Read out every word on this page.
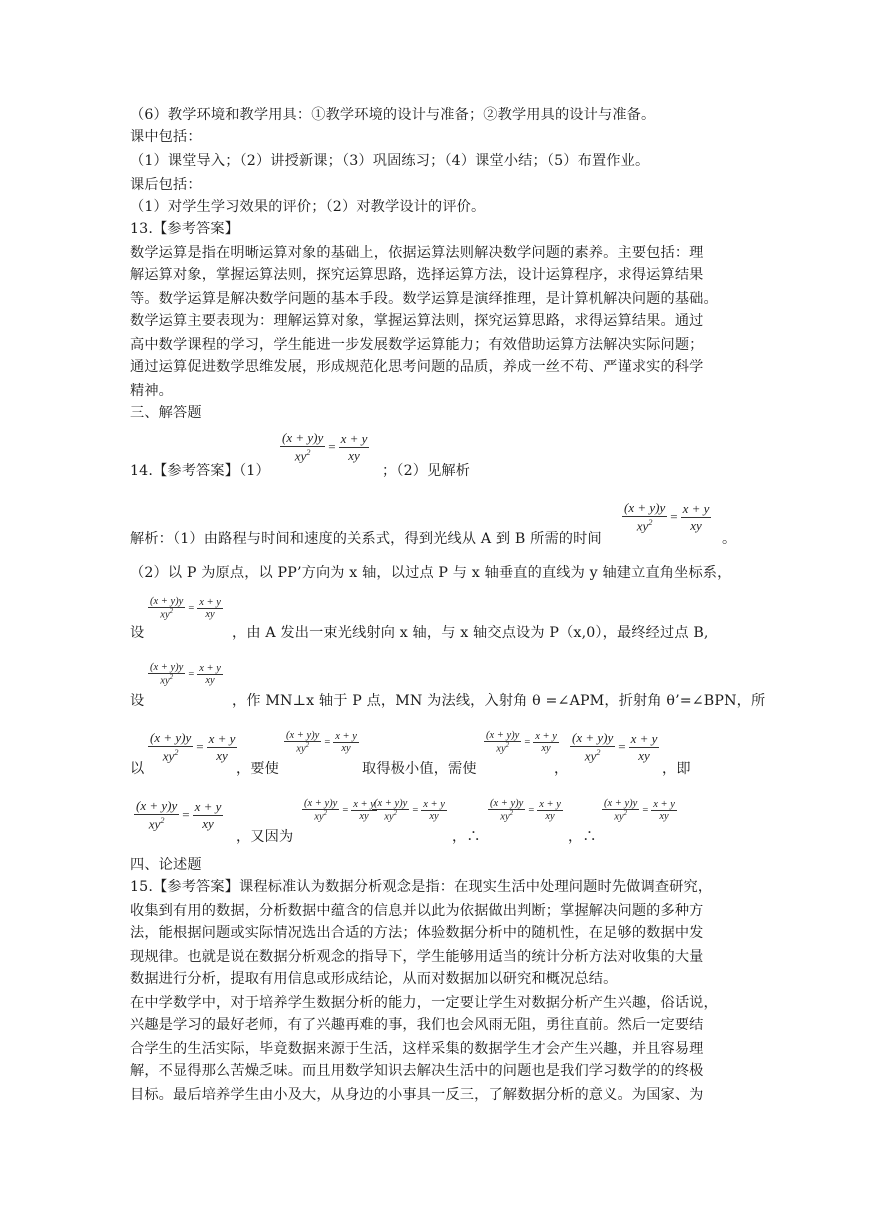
（6）教学环境和教学用具：①教学环境的设计与准备；②教学用具的设计与准备。
课中包括：
（1）课堂导入；（2）讲授新课；（3）巩固练习；（4）课堂小结；（5）布置作业。
课后包括：
（1）对学生学习效果的评价；（2）对教学设计的评价。
13.【参考答案】
数学运算是指在明晰运算对象的基础上，依据运算法则解决数学问题的素养。主要包括：理
解运算对象，掌握运算法则，探究运算思路，选择运算方法，设计运算程序，求得运算结果
等。数学运算是解决数学问题的基本手段。数学运算是演绎推理，是计算机解决问题的基础。
数学运算主要表现为：理解运算对象，掌握运算法则，探究运算思路，求得运算结果。通过
高中数学课程的学习，学生能进一步发展数学运算能力；有效借助运算方法解决实际问题；
通过运算促进数学思维发展，形成规范化思考问题的品质，养成一丝不苟、严谨求实的科学
精神。
三、解答题
14.【参考答案】（1）
$\frac{(x + y)y}{xy^2} = \frac{x + y}{xy}$
；（2）见解析
解析：（1）由路程与时间和速度的关系式，得到光线从 A 到 B 所需的时间
$\frac{(x + y)y}{xy^2} = \frac{x + y}{xy}$
。
（2）以 P 为原点，以 PP’方向为 x 轴，以过点 P 与 x 轴垂直的直线为 y 轴建立直角坐标系，
设
$\frac{(x + y)y}{xy^2} = \frac{x + y}{xy}$
，由 A 发出一束光线射向 x 轴，与 x 轴交点设为 P（x,0），最终经过点 B,
设
$\frac{(x + y)y}{xy^2} = \frac{x + y}{xy}$
，作 MN⊥x 轴于 P 点，MN 为法线，入射角 θ =∠APM，折射角 θ’=∠BPN，所
以
$\frac{(x + y)y}{xy^2} = \frac{x + y}{xy}$
，要使
$\frac{(x + y)y}{xy^2} = \frac{x + y}{xy}$
取得极小值，需使
$\frac{(x + y)y}{xy^2} = \frac{x + y}{xy}$
，
$\frac{(x + y)y}{xy^2} = \frac{x + y}{xy}$
，即
$\frac{(x + y)y}{xy^2} = \frac{x + y}{xy}$
，又因为
$\frac{(x + y)y}{xy^2} = \frac{x + y}{xy}$
$\frac{(x + y)y}{xy^2} = \frac{x + y}{xy}$
，∴
$\frac{(x + y)y}{xy^2} = \frac{x + y}{xy}$
，∴
$\frac{(x + y)y}{xy^2} = \frac{x + y}{xy}$
四、论述题
15.【参考答案】课程标准认为数据分析观念是指：在现实生活中处理问题时先做调查研究，
收集到有用的数据，分析数据中蕴含的信息并以此为依据做出判断；掌握解决问题的多种方
法，能根据问题或实际情况选出合适的方法；体验数据分析中的随机性，在足够的数据中发
现规律。也就是说在数据分析观念的指导下，学生能够用适当的统计分析方法对收集的大量
数据进行分析，提取有用信息或形成结论，从而对数据加以研究和概况总结。
在中学数学中，对于培养学生数据分析的能力，一定要让学生对数据分析产生兴趣，俗话说，
兴趣是学习的最好老师，有了兴趣再难的事，我们也会风雨无阻，勇往直前。然后一定要结
合学生的生活实际，毕竟数据来源于生活，这样采集的数据学生才会产生兴趣，并且容易理
解，不显得那么苦燥乏味。而且用数学知识去解决生活中的问题也是我们学习数学的的终极
目标。最后培养学生由小及大，从身边的小事具一反三，了解数据分析的意义。为国家、为
